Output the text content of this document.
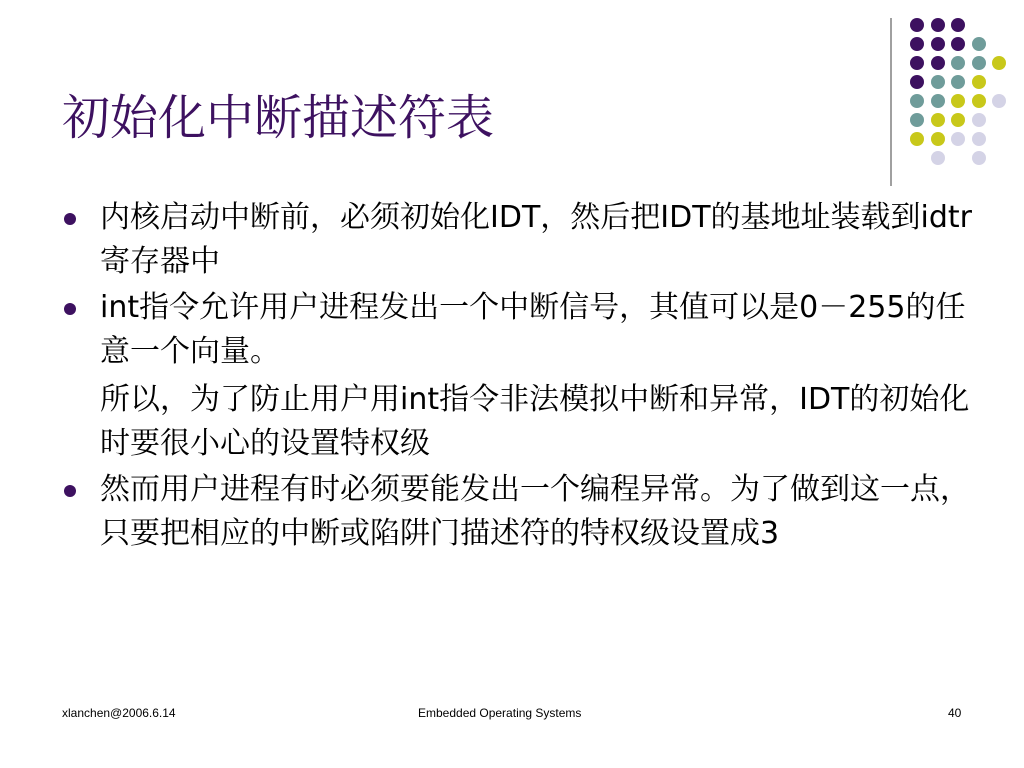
初始化中断描述符表
内核启动中断前，必须初始化IDT，然后把IDT的基地址装载到idtr寄存器中
int指令允许用户进程发出一个中断信号，其值可以是0－255的任意一个向量。
所以，为了防止用户用int指令非法模拟中断和异常，IDT的初始化时要很小心的设置特权级
然而用户进程有时必须要能发出一个编程异常。为了做到这一点，只要把相应的中断或陷阱门描述符的特权级设置成3
xlanchen@2006.6.14	Embedded Operating Systems	40
